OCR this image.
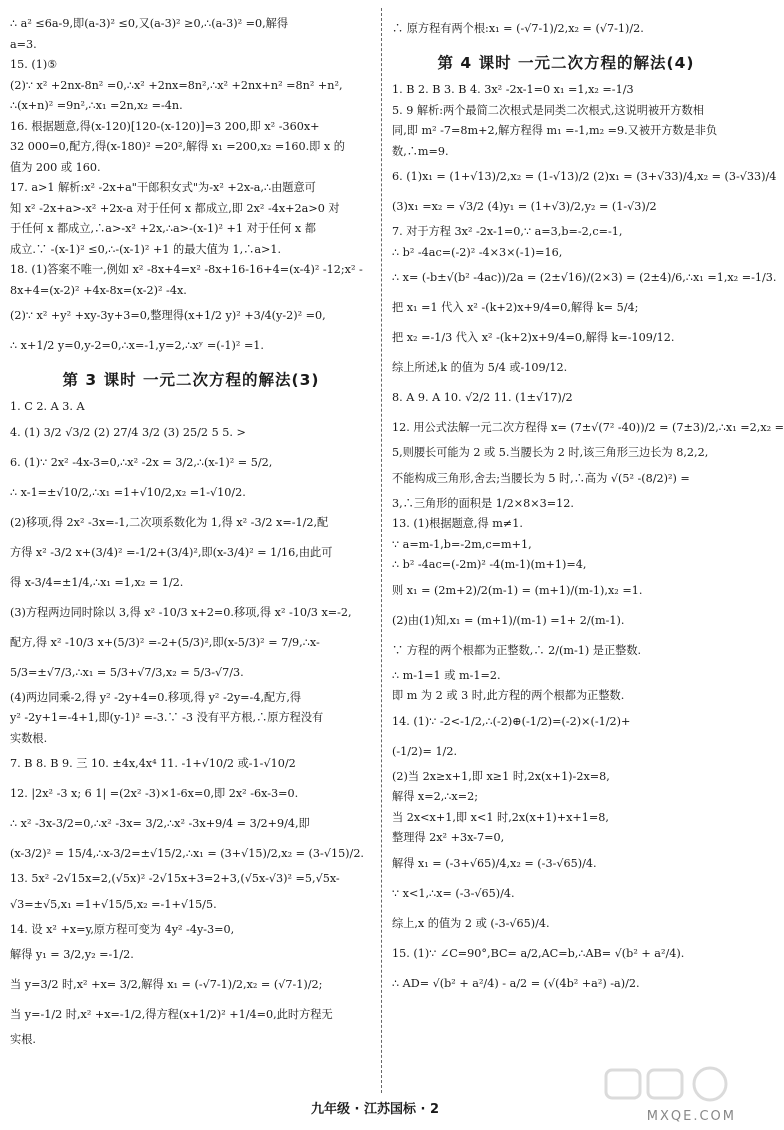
∴ a² ≤6a-9,即(a-3)² ≤0,又(a-3)² ≥0,∴(a-3)² =0,解得
a=3.
15. (1)⑤
(2)∵ x² +2nx-8n² =0,∴x² +2nx=8n²,∴x² +2nx+n² =8n² +n²,
∴(x+n)² =9n²,∴x₁ =2n,x₂ =-4n.
16. 根据题意,得(x-120)[120-(x-120)]=3 200,即 x² -360x+
32 000=0,配方,得(x-180)² =20²,解得 x₁ =200,x₂ =160.即 x 的
值为 200 或 160.
17. a>1 解析:x² -2x+a"干郎积女式"为-x² +2x-a,∴由题意可
知 x² -2x+a>-x² +2x-a 对于任何 x 都成立,即 2x² -4x+2a>0 对
于任何 x 都成立,∴a>-x² +2x,∴a>-(x-1)² +1 对于任何 x 都
成立.∵ -(x-1)² ≤0,∴-(x-1)² +1 的最大值为 1,∴a>1.
18. (1)答案不唯一,例如 x² -8x+4=x² -8x+16-16+4=(x-4)² -12;x² -
8x+4=(x-2)² +4x-8x=(x-2)² -4x.
(2)∵ x² +y² +xy-3y+3=0,整理得(x+1/2 y)² +3/4(y-2)² =0,
∴ x+1/2 y=0,y-2=0,∴x=-1,y=2,∴xʸ =(-1)² =1.
第 3 课时 一元二次方程的解法(3)
1. C 2. A 3. A
4. (1) 3/2 √3/2 (2) 27/4 3/2 (3) 25/2 5 5. >
6. (1)∵ 2x² -4x-3=0,∴x² -2x = 3/2,∴(x-1)² = 5/2,
∴ x-1=±√10/2,∴x₁ =1+√10/2,x₂ =1-√10/2.
(2)移项,得 2x² -3x=-1,二次项系数化为 1,得 x² -3/2 x=-1/2,配
方得 x² -3/2 x+(3/4)² =-1/2+(3/4)²,即(x-3/4)² = 1/16,由此可
得 x-3/4=±1/4,∴x₁ =1,x₂ = 1/2.
(3)方程两边同时除以 3,得 x² -10/3 x+2=0.移项,得 x² -10/3 x=-2,
配方,得 x² -10/3 x+(5/3)² =-2+(5/3)²,即(x-5/3)² = 7/9,∴x-
5/3=±√7/3,∴x₁ = 5/3+√7/3,x₂ = 5/3-√7/3.
(4)两边同乘-2,得 y² -2y+4=0.移项,得 y² -2y=-4,配方,得
y² -2y+1=-4+1,即(y-1)² =-3.∵ -3 没有平方根,∴原方程没有
实数根.
7. B 8. B 9. 三 10. ±4x,4x⁴ 11. -1+√10/2 或-1-√10/2
12. |2x² -3 x; 6 1| =(2x² -3)×1-6x=0,即 2x² -6x-3=0.
∴ x² -3x-3/2=0,∴x² -3x= 3/2,∴x² -3x+9/4 = 3/2+9/4,即
(x-3/2)² = 15/4,∴x-3/2=±√15/2,∴x₁ = (3+√15)/2,x₂ = (3-√15)/2.
13. 5x² -2√15x=2,(√5x)² -2√15x+3=2+3,(√5x-√3)² =5,√5x-
√3=±√5,x₁ =1+√15/5,x₂ =-1+√15/5.
14. 设 x² +x=y,原方程可变为 4y² -4y-3=0,
解得 y₁ = 3/2,y₂ =-1/2.
当 y=3/2 时,x² +x= 3/2,解得 x₁ = (-√7-1)/2,x₂ = (√7-1)/2;
当 y=-1/2 时,x² +x=-1/2,得方程(x+1/2)² +1/4=0,此时方程无
实根.
∴ 原方程有两个根:x₁ = (-√7-1)/2,x₂ = (√7-1)/2.
第 4 课时 一元二次方程的解法(4)
1. B 2. B 3. B 4. 3x² -2x-1=0 x₁ =1,x₂ =-1/3
5. 9 解析:两个最简二次根式是同类二次根式,这说明被开方数相
同,即 m² -7=8m+2,解方程得 m₁ =-1,m₂ =9.又被开方数是非负
数,∴m=9.
6. (1)x₁ = (1+√13)/2,x₂ = (1-√13)/2 (2)x₁ = (3+√33)/4,x₂ = (3-√33)/4
(3)x₁ =x₂ = √3/2 (4)y₁ = (1+√3)/2,y₂ = (1-√3)/2
7. 对于方程 3x² -2x-1=0,∵ a=3,b=-2,c=-1,
∴ b² -4ac=(-2)² -4×3×(-1)=16,
∴ x= (-b±√(b² -4ac))/2a = (2±√16)/(2×3) = (2±4)/6,∴x₁ =1,x₂ =-1/3.
把 x₁ =1 代入 x² -(k+2)x+9/4=0,解得 k= 5/4;
把 x₂ =-1/3 代入 x² -(k+2)x+9/4=0,解得 k=-109/12.
综上所述,k 的值为 5/4 或-109/12.
8. A 9. A 10. √2/2 11. (1±√17)/2
12. 用公式法解一元二次方程得 x= (7±√(7² -40))/2 = (7±3)/2,∴x₁ =2,x₂ =
5,则腰长可能为 2 或 5.当腰长为 2 时,该三角形三边长为 8,2,2,
不能构成三角形,舍去;当腰长为 5 时,∴高为 √(5² -(8/2)²) =
3,∴三角形的面积是 1/2×8×3=12.
13. (1)根据题意,得 m≠1.
∵ a=m-1,b=-2m,c=m+1,
∴ b² -4ac=(-2m)² -4(m-1)(m+1)=4,
则 x₁ = (2m+2)/2(m-1) = (m+1)/(m-1),x₂ =1.
(2)由(1)知,x₁ = (m+1)/(m-1) =1+ 2/(m-1).
∵ 方程的两个根都为正整数,∴ 2/(m-1) 是正整数.
∴ m-1=1 或 m-1=2.
即 m 为 2 或 3 时,此方程的两个根都为正整数.
14. (1)∵ -2<-1/2,∴(-2)⊕(-1/2)=(-2)×(-1/2)+
(-1/2)= 1/2.
(2)当 2x≥x+1,即 x≥1 时,2x(x+1)-2x=8,
解得 x=2,∴x=2;
当 2x<x+1,即 x<1 时,2x(x+1)+x+1=8,
整理得 2x² +3x-7=0,
解得 x₁ = (-3+√65)/4,x₂ = (-3-√65)/4.
∵ x<1,∴x= (-3-√65)/4.
综上,x 的值为 2 或 (-3-√65)/4.
15. (1)∵ ∠C=90°,BC= a/2,AC=b,∴AB= √(b² + a²/4).
∴ AD= √(b² + a²/4) - a/2 = (√(4b² +a²) -a)/2.
九年级 · 江苏国标 · 2	MXQE.COM
